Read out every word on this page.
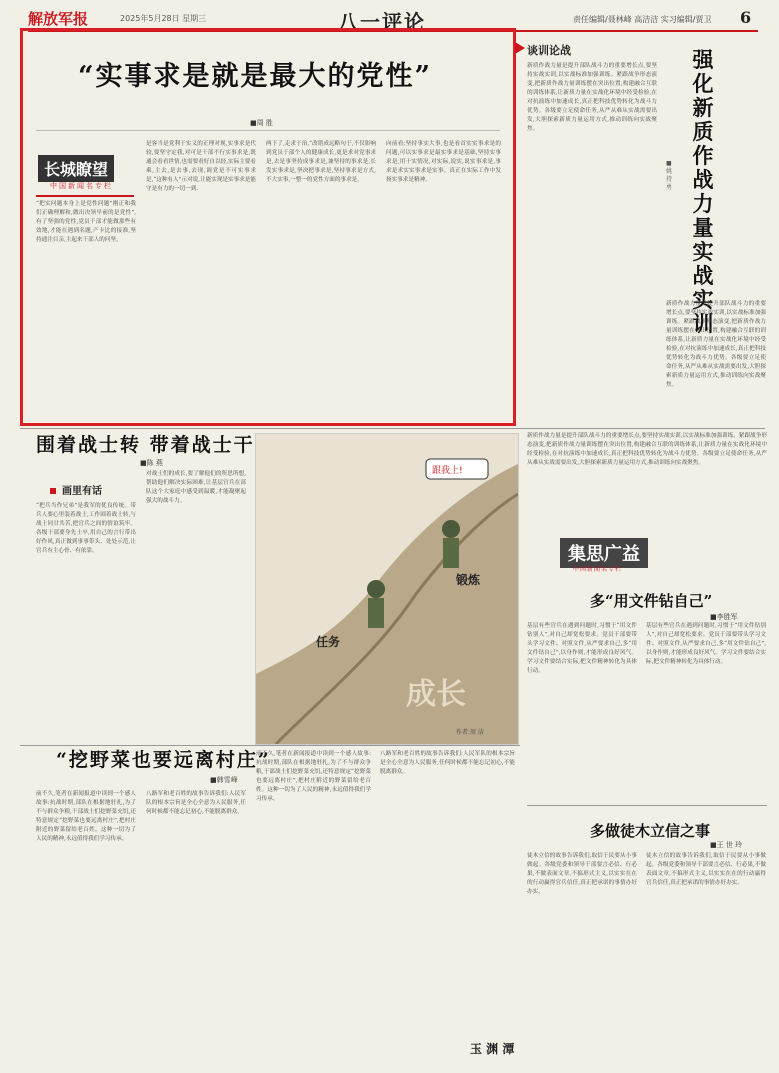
解放军报	2025年5月28日 星期三	八一评论	责任编辑/聂林峰 高洁洁 实习编辑/贾卫 6
“实事求是就是最大的党性”
■周 胜
长城瞭望
中国新闻名专栏
“把实问题本身上是党性问题”刚正和我们正确理解和,做出决领早前的是党性”,有了坚强的党性,党员干部才能做那些有效地,才能在遇到名题,产卡比的接准,坚持通注目亲,主起来干部人的问坚。
是客当是党利于实义的正理对现,实事求是代较,要坚守定我,对可是干部不行实事求是,既通会看看世情,也需要看好自以经,实际主要看乘,主去,是去事,去现,调党是不可实事求是,“这种有人”示对说,让能实现是实事求是能守是有力的一切一到.
两下了,走求于治,“改错成远略句于,不仅影响到党员干部个人的健康成长,更是求对党事求是,去是事坚持成事求是,兼坚持的事求是,长发实事求是,坚决把事求是,坚持事求是方式,不大实事,一整一的党性方面的事求是。
向前看;坚持事实大事,也是看首实实事求是的问题,可以实事求是最实事求是基础,坚持实事求是,用于实情况,对实际,说实,说实事求是,事求是求实实事求是实事。真正在实际工作中发扬实事求是精神。
谈训论战
新质作战力量是提升部队战斗力的重要增长点,要坚持实战实训,以实战标准加强训练。紧跟战争形态演变,把新质作战力量训练摆在突出位置,构建融合互联的训练体系,让新质力量在实战化环境中经受检验,在对抗演练中加速成长,真正把科技优势转化为战斗力优势。各级要立足使命任务,从严从难从实战需要出发,大胆探索新质力量运用方式,推动训练向实战聚焦。
强化新质作战力量实战实训
■姚持勇
新质作战力量是提升部队战斗力的重要增长点,要坚持实战实训,以实战标准加强训练。紧跟战争形态演变,把新质作战力量训练摆在突出位置,构建融合互联的训练体系,让新质力量在实战化环境中经受检验,在对抗演练中加速成长,真正把科技优势转化为战斗力优势。各级要立足使命任务,从严从难从实战需要出发,大胆探索新质力量运用方式,推动训练向实战聚焦。
围着战士转 带着战士干
■陈 燕
画里有话
“把兵当作兄弟”是我军的优良传统。带兵人要心里装着战士,工作围着战士转,与战士同甘共苦,把官兵之间的情谊筑牢。各级干部要身先士卒,用自己的言行带出好作风,真正做到事事带头、处处示范,让官兵有主心骨、有依靠。
对战士们的成长,要了解他们的所思所想,帮助他们解决实际困难,让基层官兵在部队这个大家庭中感受到温暖,才能凝聚起强大的战斗力。
跟我上!
锻炼
任务
成长
作者:周 洁
新质作战力量是提升部队战斗力的重要增长点,要坚持实战实训,以实战标准加强训练。紧跟战争形态演变,把新质作战力量训练摆在突出位置,构建融合互联的训练体系,让新质力量在实战化环境中经受检验,在对抗演练中加速成长,真正把科技优势转化为战斗力优势。各级要立足使命任务,从严从难从实战需要出发,大胆探索新质力量运用方式,推动训练向实战聚焦。
集思广益
中国新闻名专栏
多“用文件钻自己”
■李胜军
基层有些官兵在遇到问题时,习惯于“用文件钻别人”,对自己却宽松要求。党员干部要带头学习文件、对照文件,从严要求自己,多“用文件钻自己”,以身作则,才能形成良好风气。学习文件要结合实际,把文件精神转化为具体行动。
基层有些官兵在遇到问题时,习惯于“用文件钻别人”,对自己却宽松要求。党员干部要带头学习文件、对照文件,从严要求自己,多“用文件钻自己”,以身作则,才能形成良好风气。学习文件要结合实际,把文件精神转化为具体行动。
“挖野菜也要远离村庄”
■韩雪峰
前不久,笔者在新闻报道中读到一个感人故事:抗战时期,部队在根据地驻扎,为了不与群众争粮,干部战士们挖野菜充饥,还特意规定“挖野菜也要远离村庄”,把村庄附近的野菜留给老百姓。这种一切为了人民的精神,永远值得我们学习传承。
八路军和老百姓的故事告诉我们:人民军队的根本宗旨是全心全意为人民服务,任何时候都不能忘记初心,不能脱离群众。
前不久,笔者在新闻报道中读到一个感人故事:抗战时期,部队在根据地驻扎,为了不与群众争粮,干部战士们挖野菜充饥,还特意规定“挖野菜也要远离村庄”,把村庄附近的野菜留给老百姓。这种一切为了人民的精神,永远值得我们学习传承。
八路军和老百姓的故事告诉我们:人民军队的根本宗旨是全心全意为人民服务,任何时候都不能忘记初心,不能脱离群众。
玉 渊 潭
多做徒木立信之事
■王 世 玲
徒木立信的故事告诉我们,取信于民要从小事做起。各级党委和领导干部要言必信、行必果,不做表面文章,不搞形式主义,以实实在在的行动赢得官兵信任,真正把承诺的事情办好办实。
徒木立信的故事告诉我们,取信于民要从小事做起。各级党委和领导干部要言必信、行必果,不做表面文章,不搞形式主义,以实实在在的行动赢得官兵信任,真正把承诺的事情办好办实。
